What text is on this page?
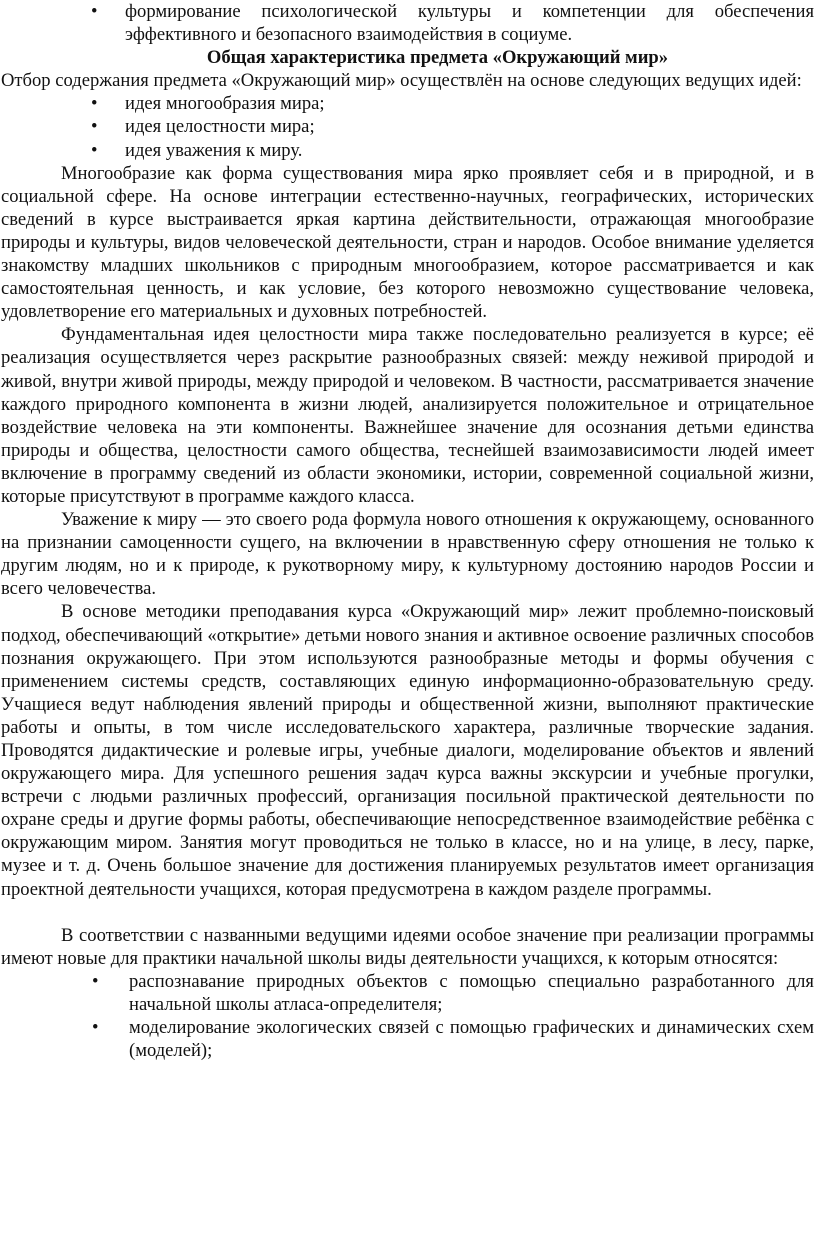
• формирование психологической культуры и компетенции для обеспечения эффективного и безопасного взаимодействия в социуме.
Общая характеристика предмета «Окружающий мир»

Отбор содержания предмета «Окружающий мир» осуществлён на основе следующих ведущих идей:

• идея многообразия мира;
• идея целостности мира;
• идея уважения к миру.

Многообразие как форма существования мира ярко проявляет себя и в природной, и в социальной сфере. На основе интеграции естественно-научных, географических, исторических сведений в курсе выстраивается яркая картина действительности, отражающая многообразие природы и культуры, видов человеческой деятельности, стран и народов. Особое внимание уделяется знакомству младших школьников с природным многообразием, которое рассматривается и как самостоятельная ценность, и как условие, без которого невозможно существование человека, удовлетворение его материальных и духовных потребностей.

Фундаментальная идея целостности мира также последовательно реализуется в курсе; её реализация осуществляется через раскрытие разнообразных связей: между неживой природой и живой, внутри живой природы, между природой и человеком. В частности, рассматривается значение каждого природного компонента в жизни людей, анализируется положительное и отрицательное воздействие человека на эти компоненты. Важнейшее значение для осознания детьми единства природы и общества, целостности самого общества, теснейшей взаимозависимости людей имеет включение в программу сведений из области экономики, истории, современной социальной жизни, которые присутствуют в программе каждого класса.

Уважение к миру — это своего рода формула нового отношения к окружающему, основанного на признании самоценности сущего, на включении в нравственную сферу отношения не только к другим людям, но и к природе, к рукотворному миру, к культурному достоянию народов России и всего человечества.

В основе методики преподавания курса «Окружающий мир» лежит проблемно-поисковый подход, обеспечивающий «открытие» детьми нового знания и активное освоение различных способов познания окружающего. При этом используются разнообразные методы и формы обучения с применением системы средств, составляющих единую информационно-образовательную среду. Учащиеся ведут наблюдения явлений природы и общественной жизни, выполняют практические работы и опыты, в том числе исследовательского характера, различные творческие задания. Проводятся дидактические и ролевые игры, учебные диалоги, моделирование объектов и явлений окружающего мира. Для успешного решения задач курса важны экскурсии и учебные прогулки, встречи с людьми различных профессий, организация посильной практической деятельности по охране среды и другие формы работы, обеспечивающие непосредственное взаимодействие ребёнка с окружающим миром. Занятия могут проводиться не только в классе, но и на улице, в лесу, парке, музее и т. д. Очень большое значение для достижения планируемых результатов имеет организация проектной деятельности учащихся, которая предусмотрена в каждом разделе программы.

В соответствии с названными ведущими идеями особое значение при реализации программы имеют новые для практики начальной школы виды деятельности учащихся, к которым относятся:

• распознавание природных объектов с помощью специально разработанного для начальной школы атласа-определителя;
• моделирование экологических связей с помощью графических и динамических схем (моделей);
